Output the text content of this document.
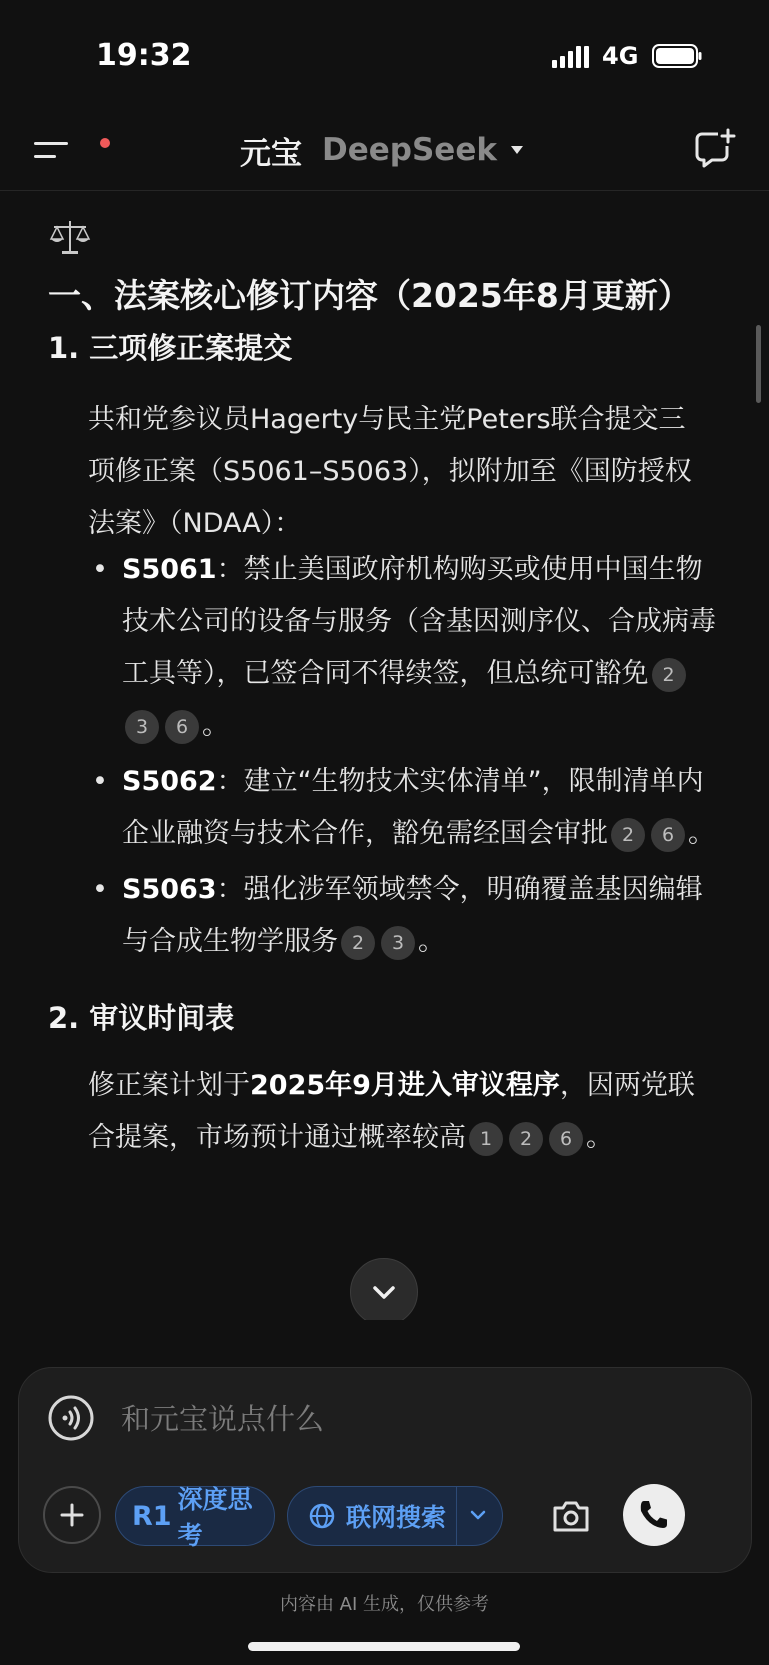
19:32	4G
元宝 DeepSeek
一、法案核心修订内容（2025年8月更新）
1. 三项修正案提交
共和党参议员Hagerty与民主党Peters联合提交三项修正案（S5061–S5063），拟附加至《国防授权法案》（NDAA）：
• S5061：禁止美国政府机构购买或使用中国生物技术公司的设备与服务（含基因测序仪、合成病毒工具等），已签合同不得续签，但总统可豁免 23 6 。
• S5062：建立“生物技术实体清单”，限制清单内企业融资与技术合作，豁免需经国会审批 2 6 。
• S5063：强化涉军领域禁令，明确覆盖基因编辑与合成生物学服务 2 3 。
2. 审议时间表
修正案计划于2025年9月进入审议程序，因两党联合提案，市场预计通过概率较高 1 2 6 。
和元宝说点什么
R1
深度思考
联网搜索
内容由 AI 生成，仅供参考
